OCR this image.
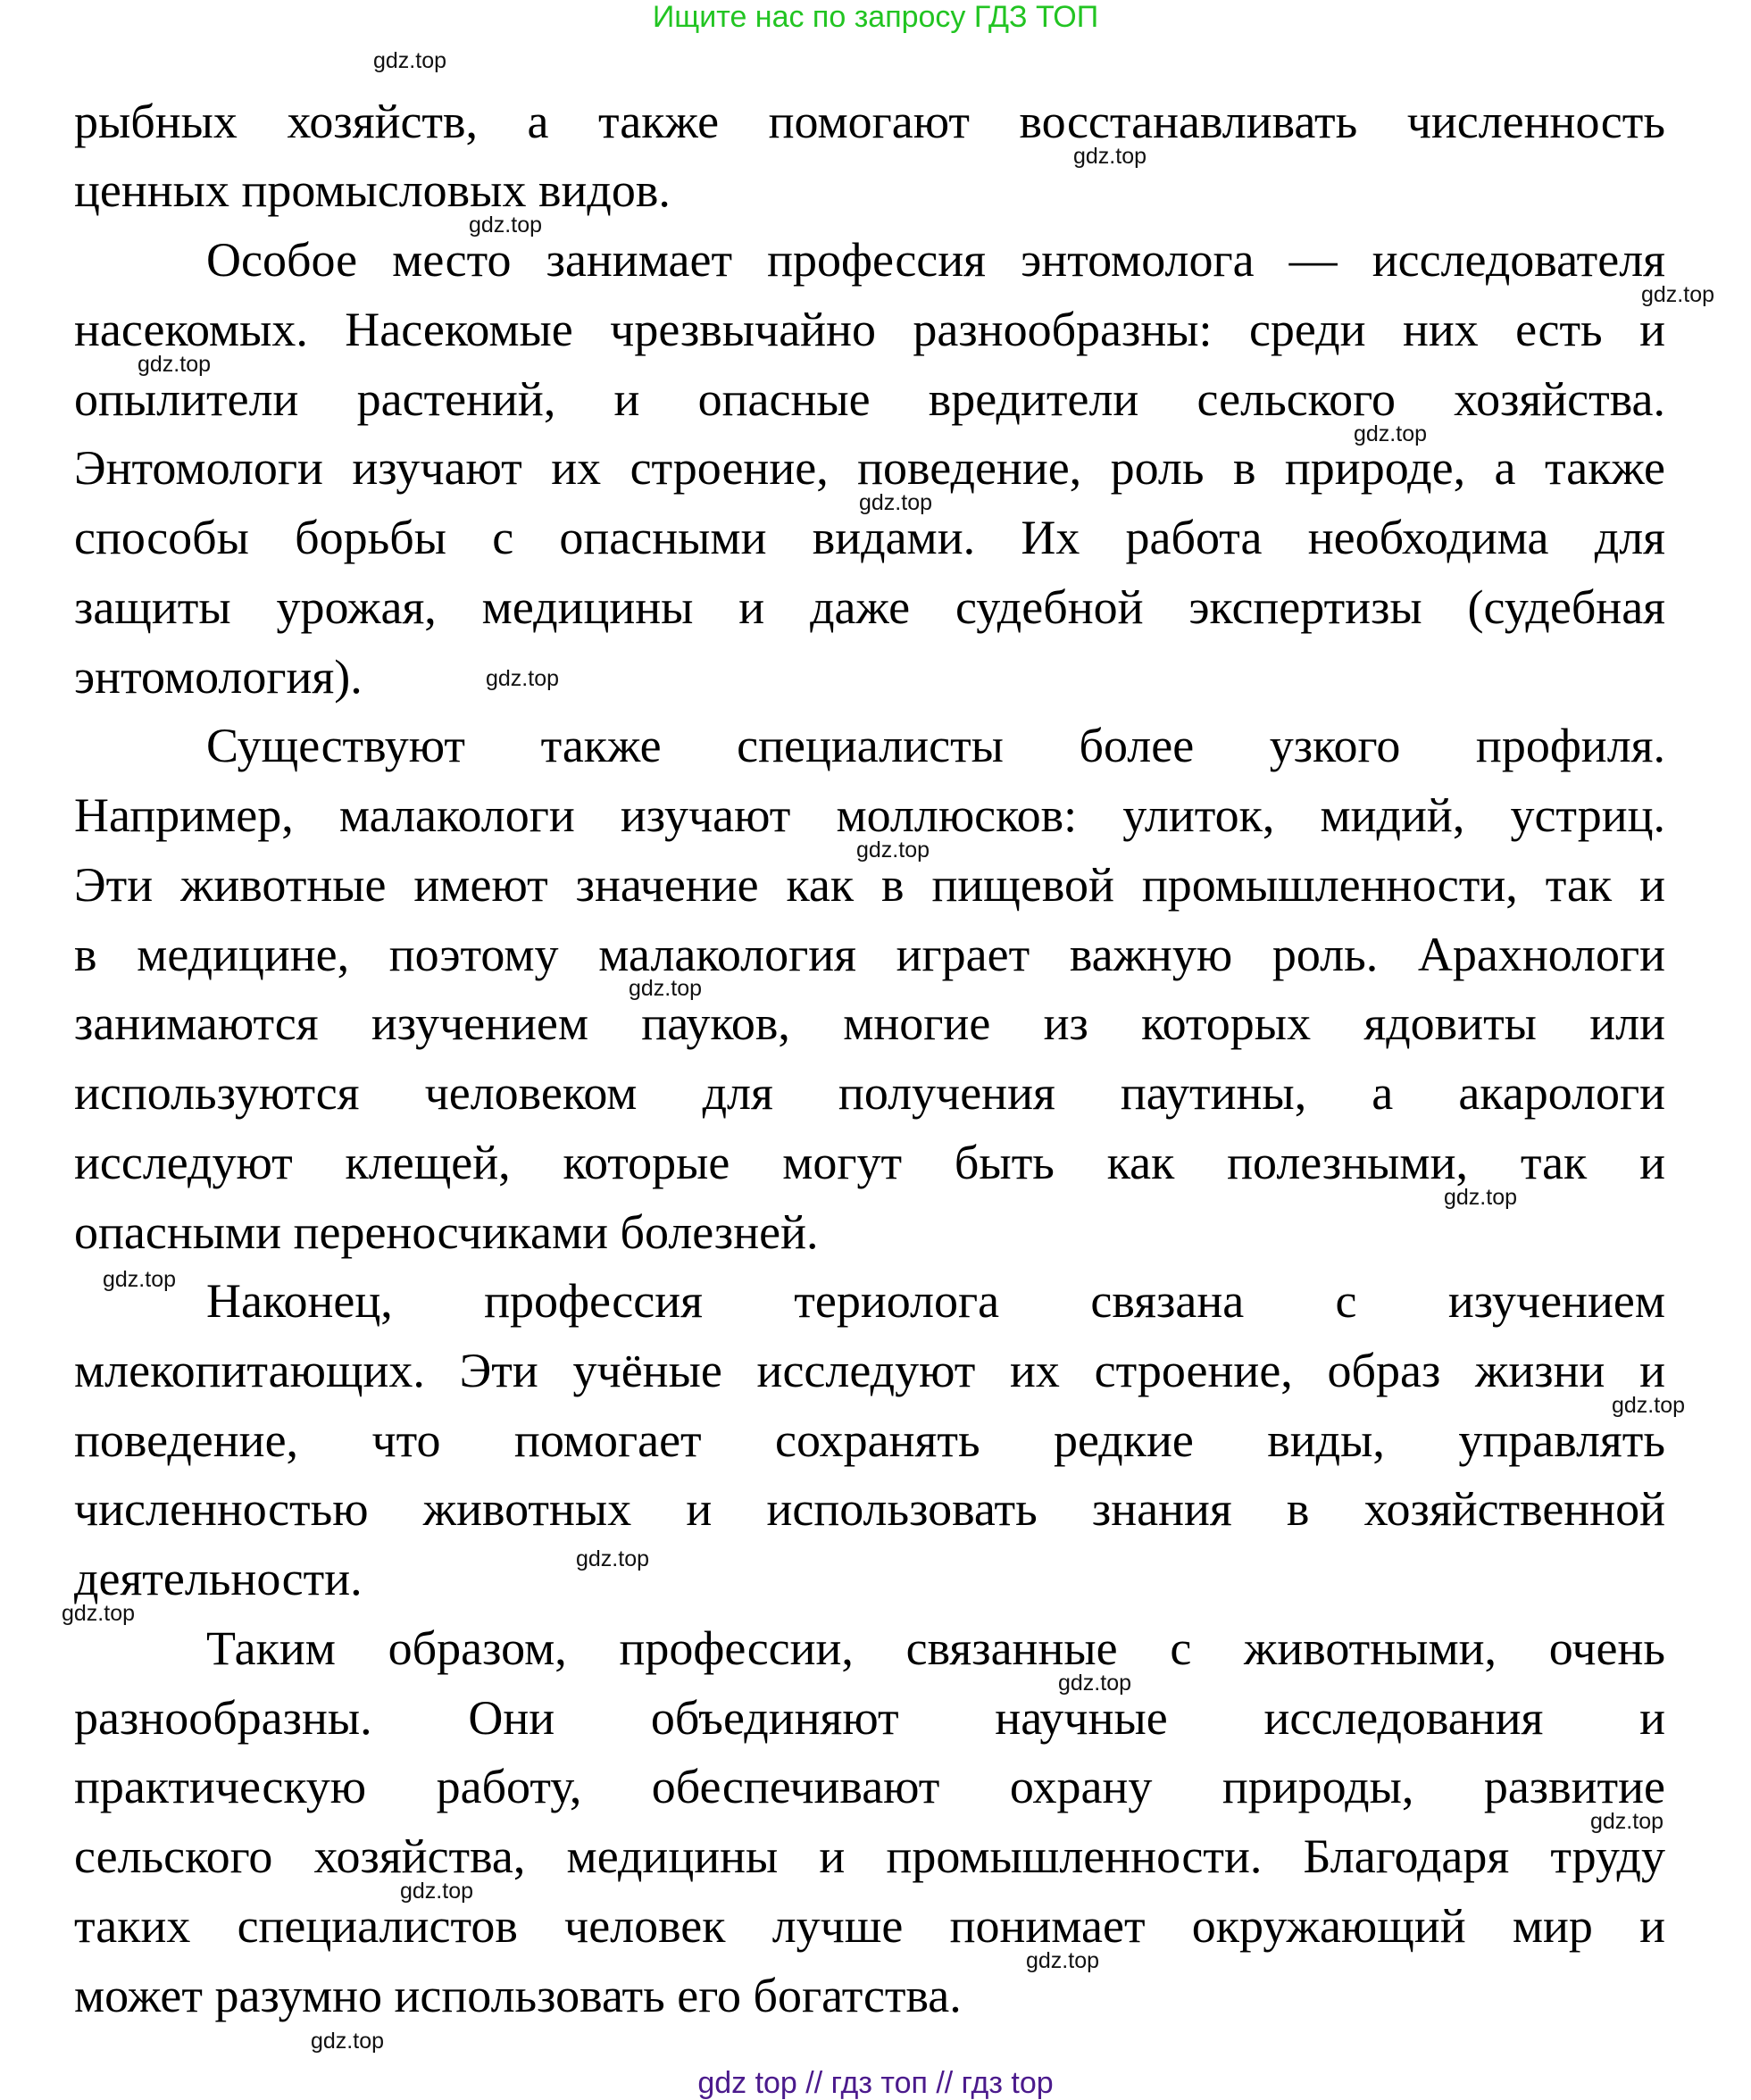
Ищите нас по запросу ГДЗ ТОП
рыбных хозяйств, а также помогают восстанавливать численность
ценных промысловых видов.
Особое место занимает профессия энтомолога — исследователя
насекомых. Насекомые чрезвычайно разнообразны: среди них есть и
опылители растений, и опасные вредители сельского хозяйства.
Энтомологи изучают их строение, поведение, роль в природе, а также
способы борьбы с опасными видами. Их работа необходима для
защиты урожая, медицины и даже судебной экспертизы (судебная
энтомология).
Существуют также специалисты более узкого профиля.
Например, малакологи изучают моллюсков: улиток, мидий, устриц.
Эти животные имеют значение как в пищевой промышленности, так и
в медицине, поэтому малакология играет важную роль. Арахнологи
занимаются изучением пауков, многие из которых ядовиты или
используются человеком для получения паутины, а акарологи
исследуют клещей, которые могут быть как полезными, так и
опасными переносчиками болезней.
Наконец, профессия териолога связана с изучением
млекопитающих. Эти учёные исследуют их строение, образ жизни и
поведение, что помогает сохранять редкие виды, управлять
численностью животных и использовать знания в хозяйственной
деятельности.
Таким образом, профессии, связанные с животными, очень
разнообразны. Они объединяют научные исследования и
практическую работу, обеспечивают охрану природы, развитие
сельского хозяйства, медицины и промышленности. Благодаря труду
таких специалистов человек лучше понимает окружающий мир и
может разумно использовать его богатства.
gdz.top
gdz.top
gdz.top
gdz.top
gdz.top
gdz.top
gdz.top
gdz.top
gdz.top
gdz.top
gdz.top
gdz.top
gdz.top
gdz.top
gdz.top
gdz.top
gdz.top
gdz.top
gdz.top
gdz.top
gdz top // гдз топ // гдз top
